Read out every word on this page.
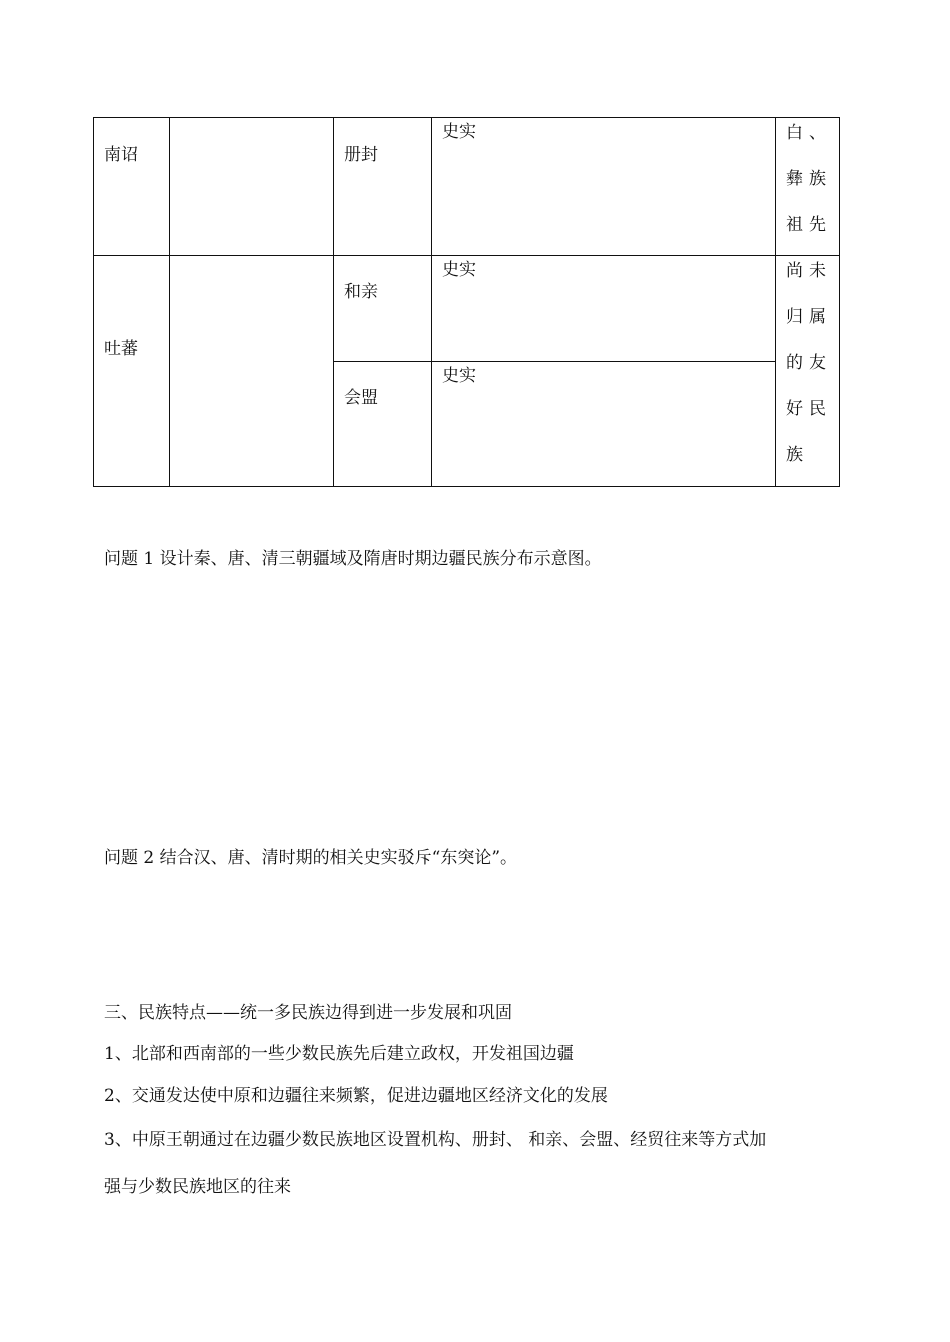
南诏	册封
史实	白、彝族祖先
吐蕃
和亲
史实
会盟
史实
尚未归属的友好民族
问题 1 设计秦、唐、清三朝疆域及隋唐时期边疆民族分布示意图。
问题 2 结合汉、唐、清时期的相关史实驳斥“东突论”。
三、民族特点——统一多民族边得到进一步发展和巩固
1、北部和西南部的一些少数民族先后建立政权，开发祖国边疆
2、交通发达使中原和边疆往来频繁，促进边疆地区经济文化的发展
3、中原王朝通过在边疆少数民族地区设置机构、册封、 和亲、会盟、经贸往来等方式加
强与少数民族地区的往来
